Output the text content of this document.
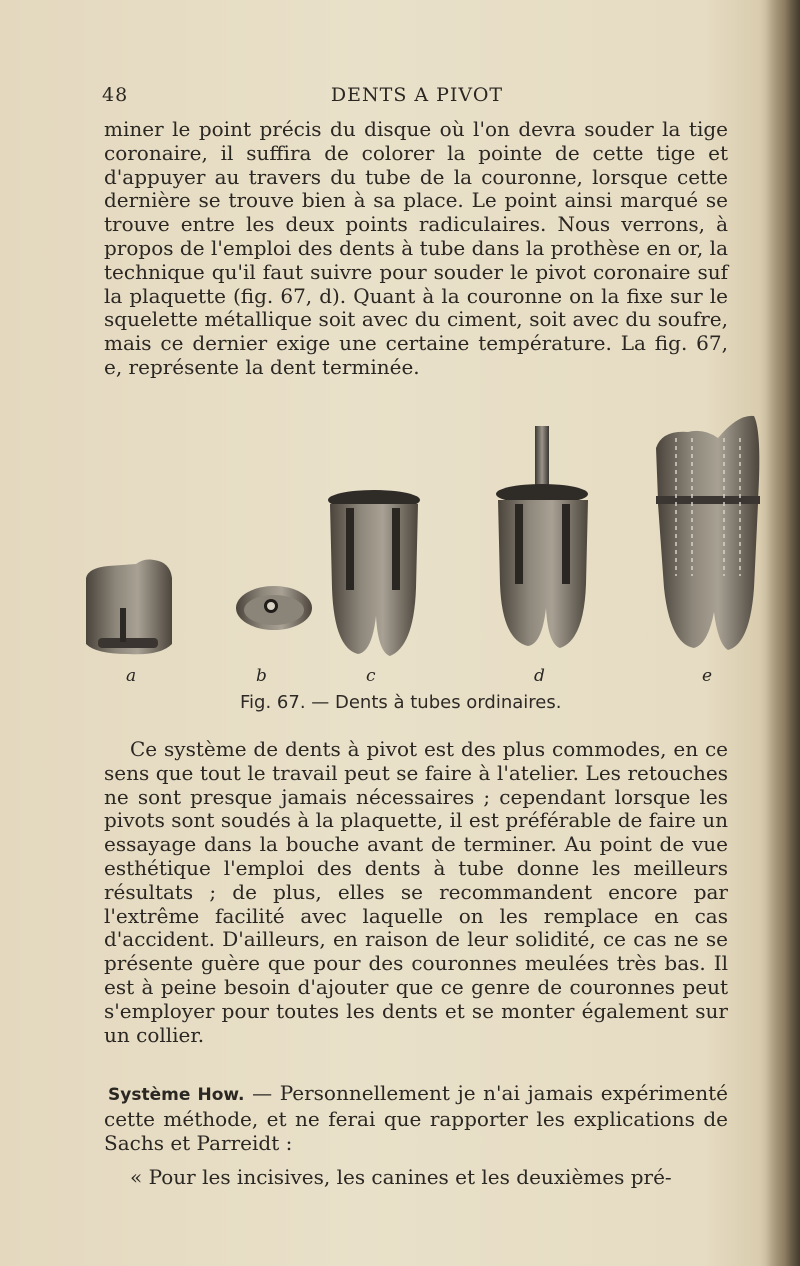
48	DENTS A PIVOT

miner le point précis du disque où l'on devra souder la tige coronaire, il suffira de colorer la pointe de cette tige et d'appuyer au travers du tube de la couronne, lorsque cette dernière se trouve bien à sa place. Le point ainsi marqué se trouve entre les deux points radiculaires. Nous verrons, à propos de l'emploi des dents à tube dans la prothèse en or, la technique qu'il faut suivre pour souder le pivot coronaire suf la plaquette (fig. 67, d). Quant à la couronne on la fixe sur le squelette métallique soit avec du ciment, soit avec du soufre, mais ce dernier exige une certaine température. La fig. 67, e, représente la dent terminée.

a	b	c	d	e
Fig. 67. — Dents à tubes ordinaires.

Ce système de dents à pivot est des plus commodes, en ce sens que tout le travail peut se faire à l'atelier. Les retouches ne sont presque jamais nécessaires ; cependant lorsque les pivots sont soudés à la plaquette, il est préférable de faire un essayage dans la bouche avant de terminer. Au point de vue esthétique l'emploi des dents à tube donne les meilleurs résultats ; de plus, elles se recommandent encore par l'extrême facilité avec laquelle on les remplace en cas d'accident. D'ailleurs, en raison de leur solidité, ce cas ne se présente guère que pour des couronnes meulées très bas. Il est à peine besoin d'ajouter que ce genre de couronnes peut s'employer pour toutes les dents et se monter également sur un collier.

Système How. — Personnellement je n'ai jamais expérimenté cette méthode, et ne ferai que rapporter les explications de Sachs et Parreidt :

« Pour les incisives, les canines et les deuxièmes pré-
